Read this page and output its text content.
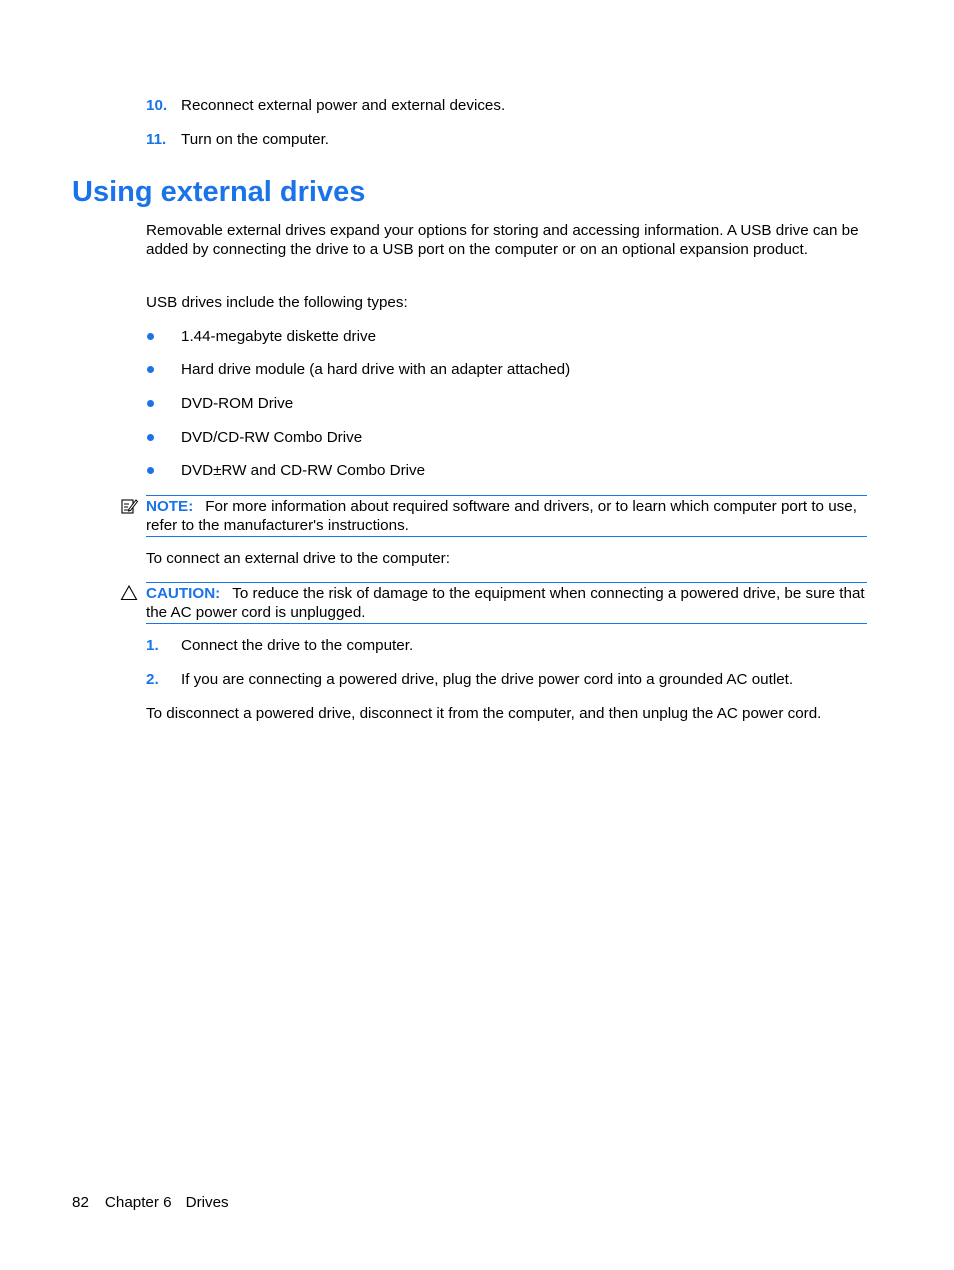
10. Reconnect external power and external devices.
11. Turn on the computer.
Using external drives

Removable external drives expand your options for storing and accessing information. A USB drive can be added by connecting the drive to a USB port on the computer or on an optional expansion product.

USB drives include the following types:

1.44-megabyte diskette drive
Hard drive module (a hard drive with an adapter attached)
DVD-ROM Drive
DVD/CD-RW Combo Drive
DVD±RW and CD-RW Combo Drive
NOTE: For more information about required software and drivers, or to learn which computer port to use, refer to the manufacturer's instructions.

To connect an external drive to the computer:

CAUTION: To reduce the risk of damage to the equipment when connecting a powered drive, be sure that the AC power cord is unplugged.
1. Connect the drive to the computer.
2. If you are connecting a powered drive, plug the drive power cord into a grounded AC outlet.

To disconnect a powered drive, disconnect it from the computer, and then unplug the AC power cord.

82 Chapter 6 Drives
